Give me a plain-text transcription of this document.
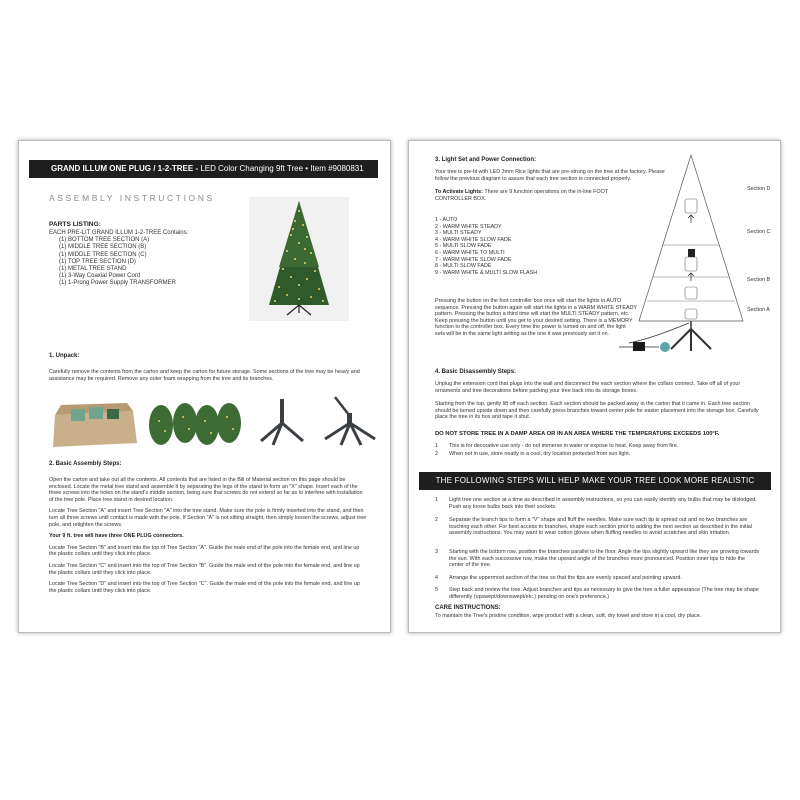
GRAND ILLUM ONE PLUG / 1-2-TREE - LED Color Changing 9ft Tree • Item #9080831
ASSEMBLY INSTRUCTIONS
PARTS LISTING:

EACH PRE-LIT GRAND ILLUM 1-2-TREE Contains:

(1) BOTTOM TREE SECTION (A)

(1) MIDDLE TREE SECTION (B)

(1) MIDDLE TREE SECTION (C)

(1) TOP TREE SECTION (D)

(1) METAL TREE STAND

(1) 3-Way Coaxial Power Cord

(1) 1-Prong Power Supply TRANSFORMER

1. Unpack:
Carefully remove the contents from the carton and keep the carton for future storage. Some sections of the tree may be heavy and assistance may be required. Remove any outer foam wrapping from the tree and its branches.
2. Basic Assembly Steps:

Open the carton and take out all the contents. All contents that are listed in the Bill of Material section on this page should be enclosed. Locate the metal tree stand and assemble it by separating the legs of the stand to form an "X" shape. Insert each of the three screws into the holes on the stand's middle section, being sure that screws do not extend so far as to interfere with installation of the tree pole. Place tree stand in desired location.

Locate Tree Section "A" and insert Tree Section "A" into the tree stand. Make sure the pole is firmly inserted into the stand, and then turn all three screws until contact is made with the pole. If Section "A" is not sitting straight, then simply loosen the screws, adjust tree pole, and retighten the screws.

Your 9 ft. tree will have three ONE PLUG connectors.

Locate Tree Section "B" and insert into the top of Tree Section "A". Guide the male end of the pole into the female end, and line up the plastic collars until they click into place.

Locate Tree Section "C" and insert into the top of Tree Section "B". Guide the male end of the pole into the female end, and line up the plastic collars until they click into place.

Locate Tree Section "D" and insert into the top of Tree Section "C". Guide the male end of the pole into the female end, and line up the plastic collars until they click into place.

3. Light Set and Power Connection:
Your tree is pre-lit with LED 3mm Rice lights that are pre-strung on the tree at the factory. Please follow the previous diagram to assure that each tree section is connected properly.
To Activate Lights: There are 9 function operations on the in-line FOOT CONTROLLER BOX.

1 - AUTO

2 - WARM WHITE STEADY

3 - MULTI STEADY

4 - WARM WHITE SLOW FADE

5 - MULTI SLOW FADE

6 - WARM WHITE TO MULTI

7 - WARM WHITE SLOW FADE

8 - MULTI SLOW FADE

9 - WARM WHITE & MULTI SLOW FLASH

Pressing the button on the foot controller box once will start the lights in AUTO sequence. Pressing the button again will start the lights in a WARM WHITE STEADY pattern. Pressing the button a third time will start the MULTI STEADY pattern, etc. Keep pressing the button until you get to your desired setting. There is a MEMORY function to the controller box. Every time the power is turned on and off, the light sets will be in the same light setting as the one it was previously set it on.
Section D
Section C
Section B
Section A
4. Basic Disassembly Steps:
Unplug the extension cord that plugs into the wall and disconnect the each section where the collars connect. Take off all of your ornaments and tree decorations before packing your tree back into its storage boxes.
Starting from the top, gently lift off each section. Each section should be packed away in the carton that it came in. Each tree section should be turned upside down and then carefully press branches toward center pole for easier placement into the storage box. Carefully place the tree in its box and tape it shut.
DO NOT STORE TREE IN A DAMP AREA OR IN AN AREA WHERE THE TEMPERATURE EXCEEDS 100°F.
1	This is for decorative use only - do not immerse in water or expose to heat. Keep away from fire.
2	When not in use, store neatly in a cool, dry location protected from sun light.
THE FOLLOWING STEPS WILL HELP MAKE YOUR TREE LOOK MORE REALISTIC
1	Light tree one section at a time as described in assembly instructions, so you can easily identify any bulbs that may be dislodged. Push any loose bulbs back into their sockets.
2	Separate the branch tips to form a "V" shape and fluff the needles. Make sure each tip is spread out and no two branches are touching each other. For best access to branches, shape each section prior to adding the next section as described in the initial assembly instructions. You may want to wear cotton gloves when fluffing needles to avoid scratches and skin irritation.
3	Starting with the bottom row, position the branches parallel to the floor. Angle the tips slightly upward like they are growing towards the sun. With each successive row, make the upward angle of the branches more pronounced. Position inner tips to hide the center of the tree.
4	Arrange the uppermost section of the tree so that the tips are evenly spaced and pointing upward.
5	Step back and review the tree. Adjust branches and tips as necessary to give the tree a fuller appearance (The tree may be shape differently (upswept/downswept/etc.) pending on one's preference.)
CARE INSTRUCTIONS:
To maintain the Tree's pristine condition, wipe product with a clean, soft, dry towel and store in a cool, dry place.
